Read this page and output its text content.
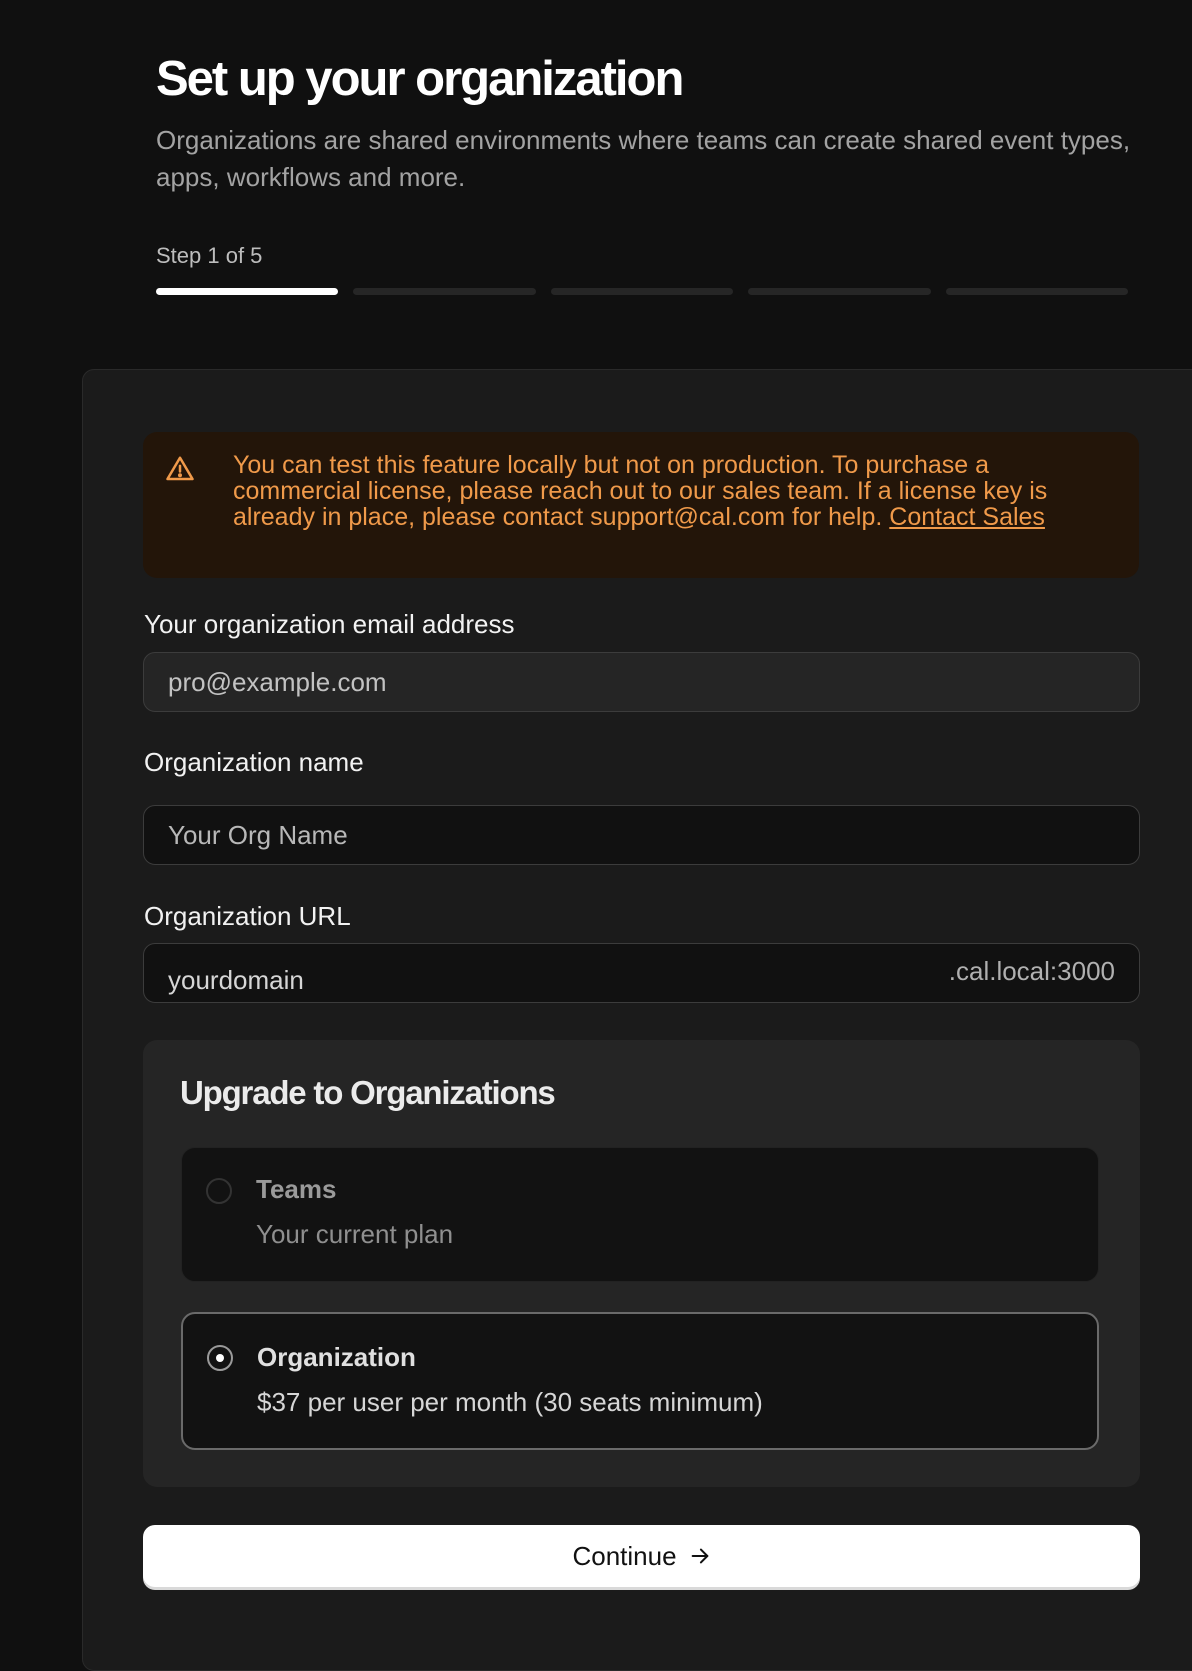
Set up your organization
Organizations are shared environments where teams can create shared event types, apps, workflows and more.
Step 1 of 5
You can test this feature locally but not on production. To purchase a commercial license, please reach out to our sales team. If a license key is already in place, please contact support@cal.com for help. Contact Sales
Your organization email address
pro@example.com
Organization name
Your Org Name
Organization URL
yourdomain	.cal.local:3000
Upgrade to Organizations
Teams
Your current plan
Organization
$37 per user per month (30 seats minimum)
Continue
